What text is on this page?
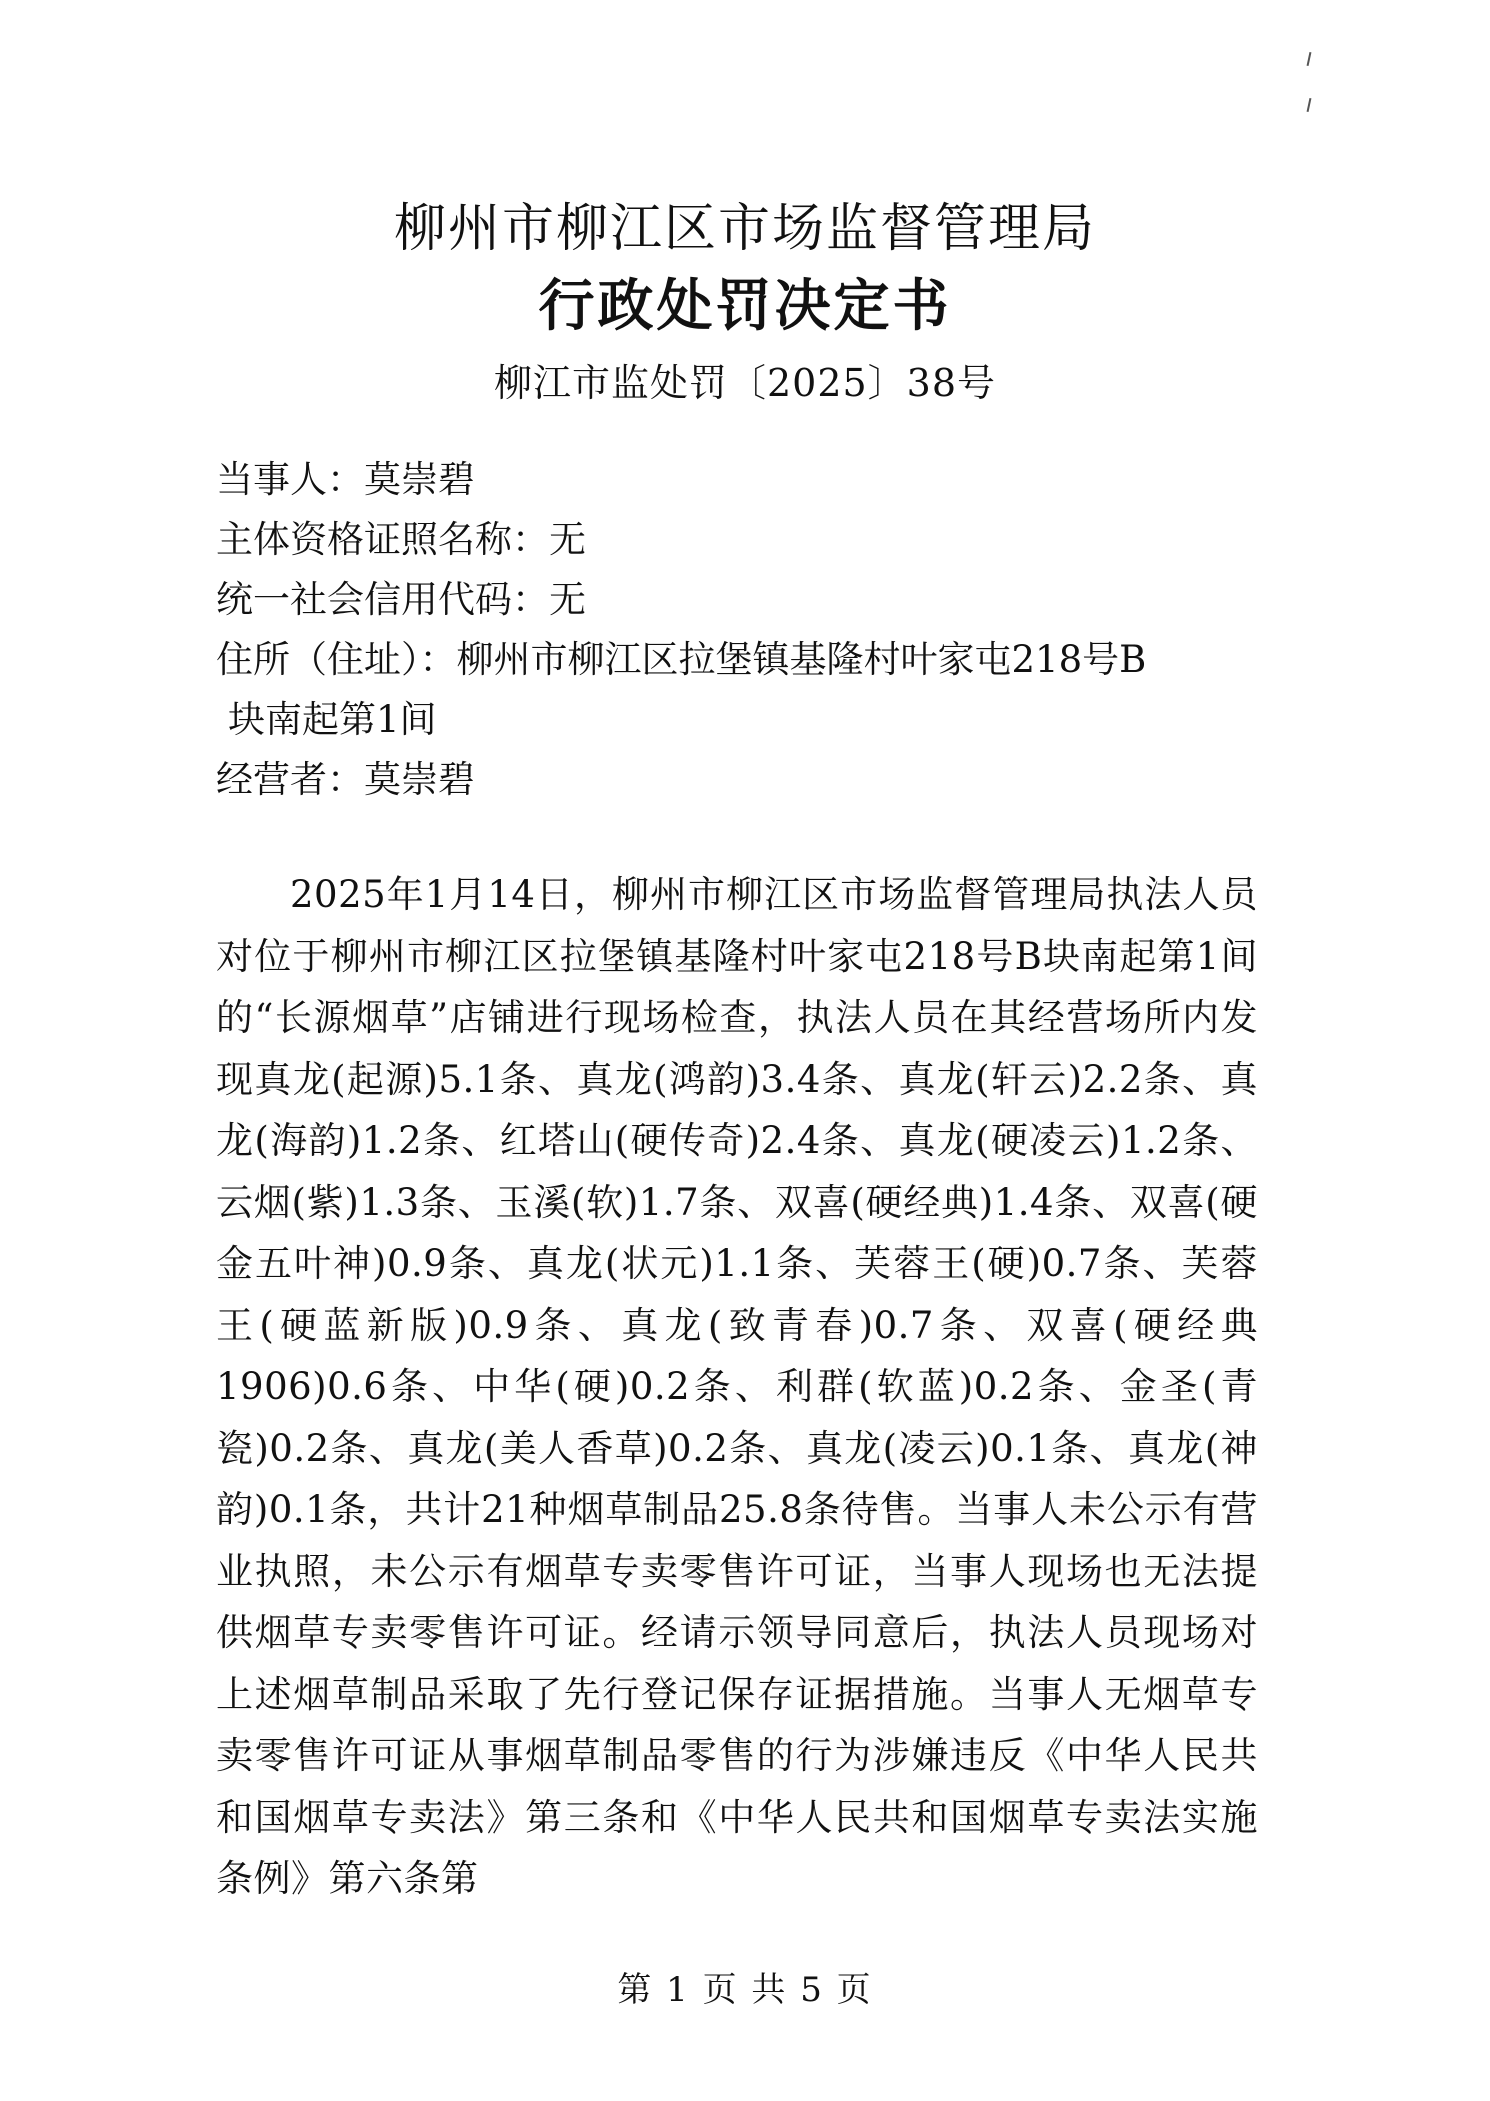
柳州市柳江区市场监督管理局
行政处罚决定书
柳江市监处罚〔2025〕38号
当事人：莫崇碧
主体资格证照名称：无
统一社会信用代码：无
住所（住址）：柳州市柳江区拉堡镇基隆村叶家屯218号B
块南起第1间
经营者：莫崇碧
2025年1月14日，柳州市柳江区市场监督管理局执法人员对位于柳州市柳江区拉堡镇基隆村叶家屯218号B块南起第1间的“长源烟草”店铺进行现场检查，执法人员在其经营场所内发现真龙(起源)5.1条、真龙(鸿韵)3.4条、真龙(轩云)2.2条、真龙(海韵)1.2条、红塔山(硬传奇)2.4条、真龙(硬凌云)1.2条、云烟(紫)1.3条、玉溪(软)1.7条、双喜(硬经典)1.4条、双喜(硬金五叶神)0.9条、真龙(状元)1.1条、芙蓉王(硬)0.7条、芙蓉王(硬蓝新版)0.9条、真龙(致青春)0.7条、双喜(硬经典1906)0.6条、中华(硬)0.2条、利群(软蓝)0.2条、金圣(青瓷)0.2条、真龙(美人香草)0.2条、真龙(凌云)0.1条、真龙(神韵)0.1条，共计21种烟草制品25.8条待售。当事人未公示有营业执照，未公示有烟草专卖零售许可证，当事人现场也无法提供烟草专卖零售许可证。经请示领导同意后，执法人员现场对上述烟草制品采取了先行登记保存证据措施。当事人无烟草专卖零售许可证从事烟草制品零售的行为涉嫌违反《中华人民共和国烟草专卖法》第三条和《中华人民共和国烟草专卖法实施条例》第六条第
第 1 页 共 5 页
